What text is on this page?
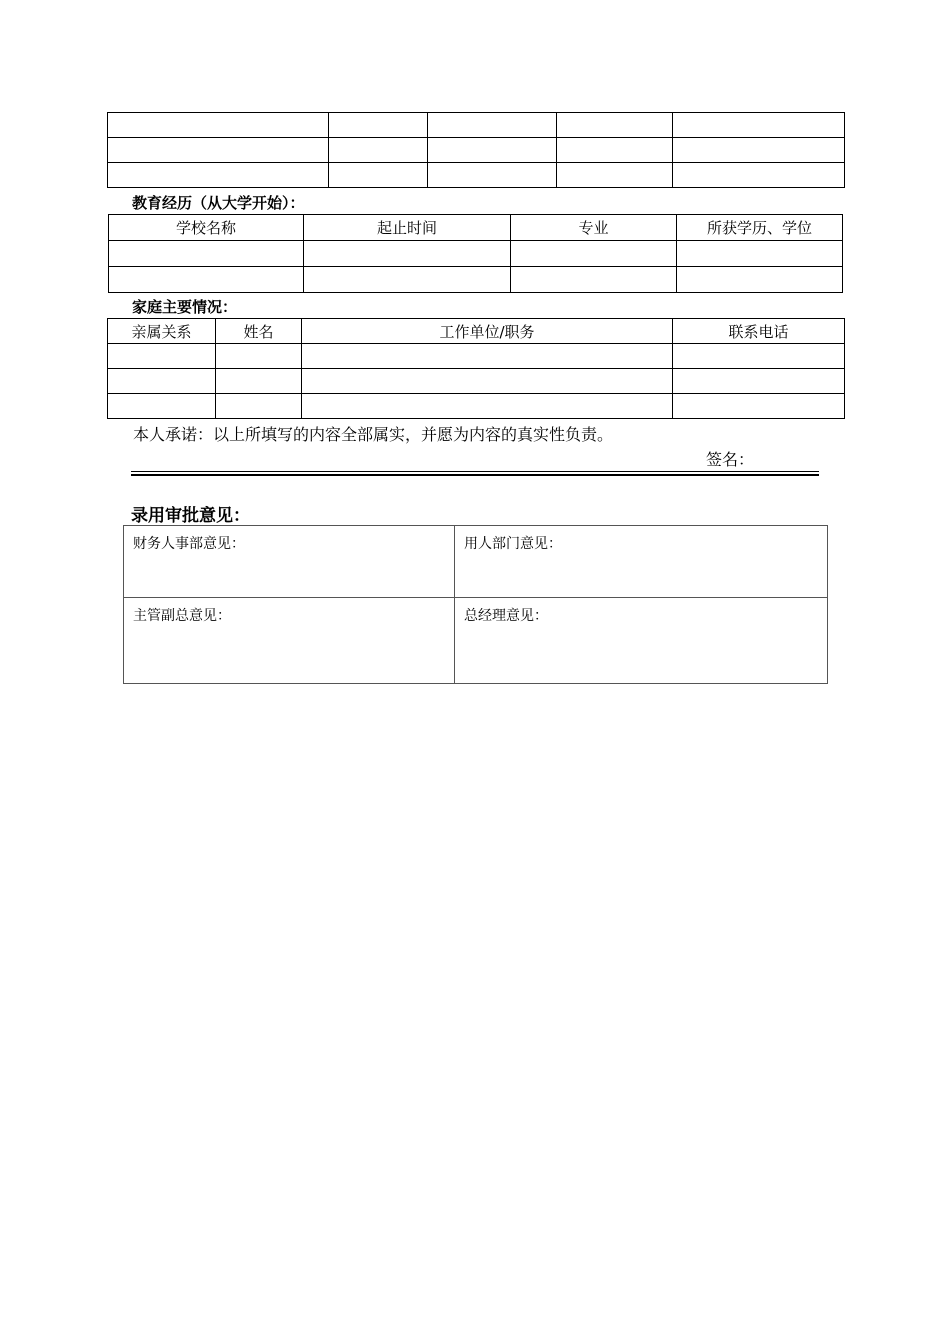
教育经历（从大学开始）：
学校名称	起止时间	专业	所获学历、学位

家庭主要情况：
亲属关系	姓名	工作单位/职务	联系电话

本人承诺：以上所填写的内容全部属实，并愿为内容的真实性负责。
签名：
录用审批意见：
财务人事部意见：	用人部门意见：
主管副总意见：	总经理意见：
